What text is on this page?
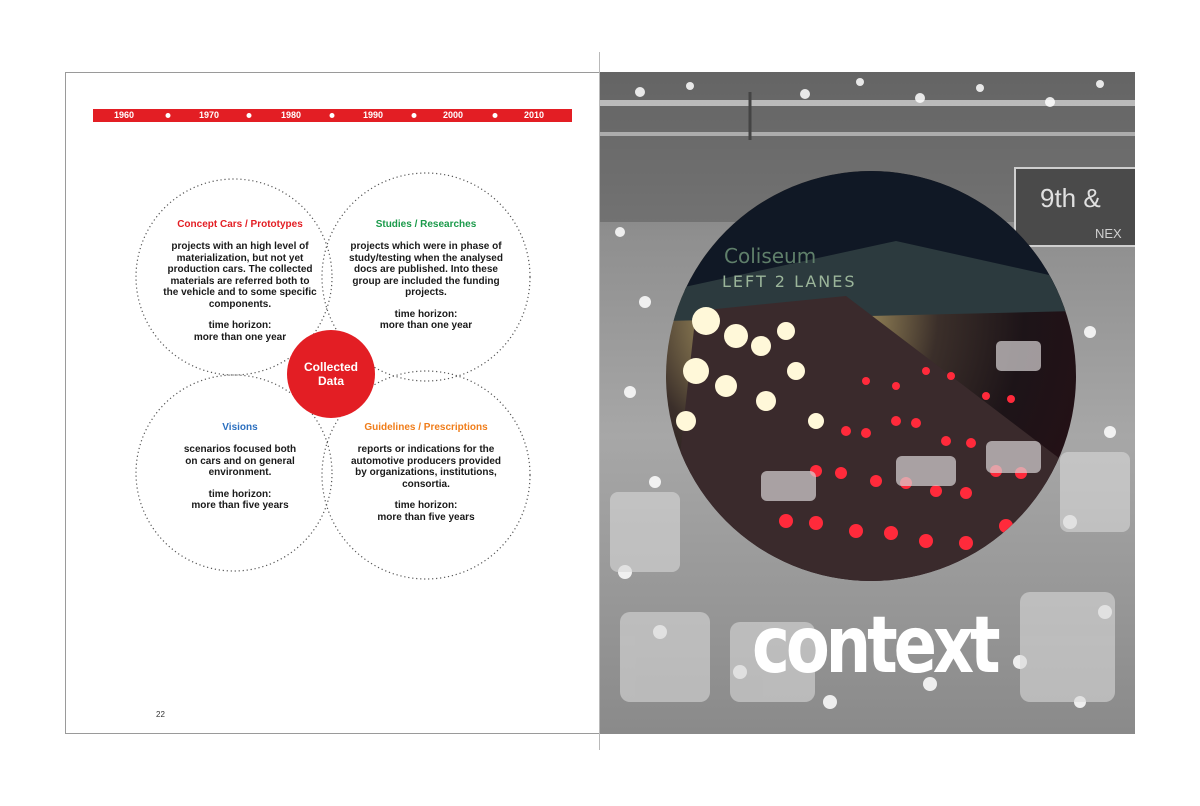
1960	1970	1980	1990	2000	2010
Concept Cars / Prototypes
projects with an high level of
materialization, but not yet
production cars. The collected
materials are referred both to
the vehicle and to some specific
components.
time horizon:
more than one year
Studies / Researches
projects which were in phase of
study/testing when the analysed
docs are published. Into these
group are included the funding
projects.
time horizon:
more than one year
Visions
scenarios focused both
on cars and on general
environment.
time horizon:
more than five years
Guidelines / Prescriptions
reports or indications for the
automotive producers provided
by organizations, institutions,
consortia.
time horizon:
more than five years
Collected Data
22
9th &
NEX
Coliseum
LEFT 2 LANES
context
